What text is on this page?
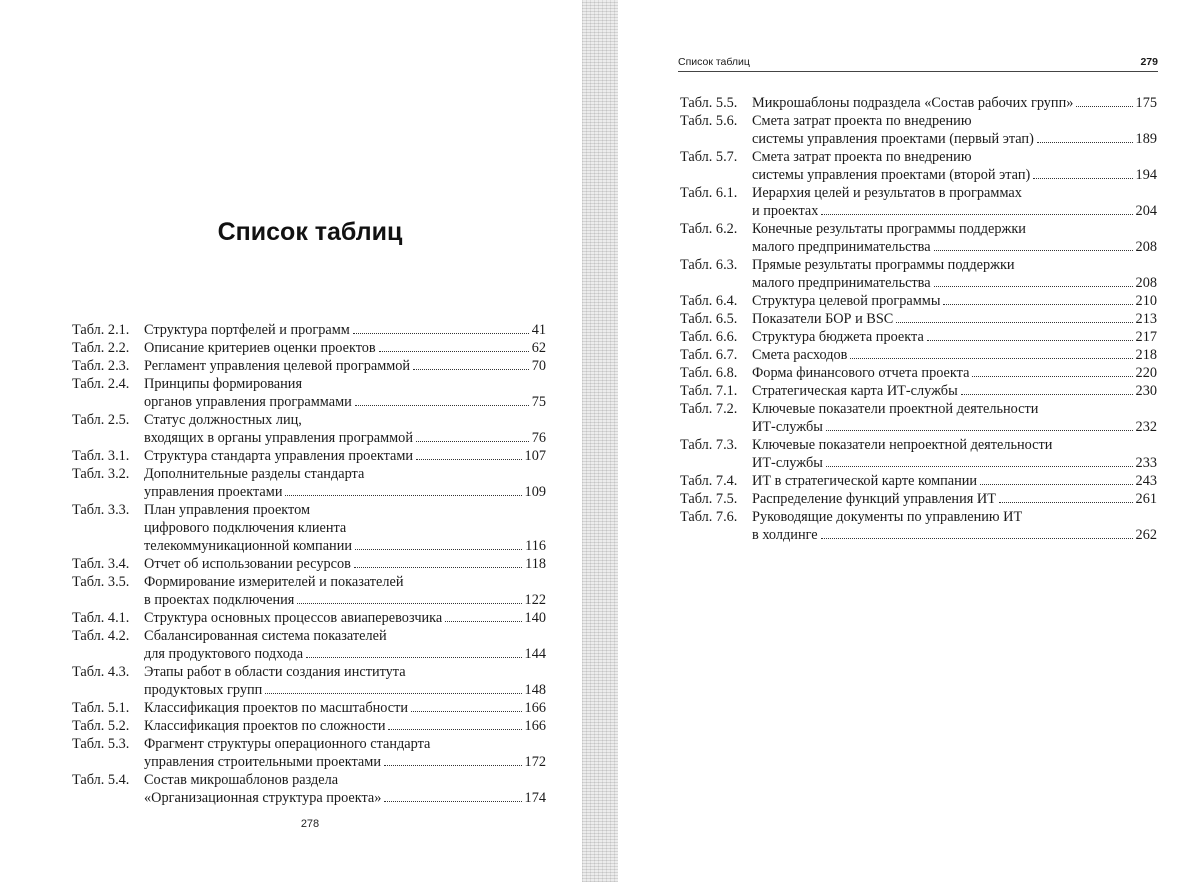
Список таблиц
Табл. 2.1.	Структура портфелей и программ	41
Табл. 2.2.	Описание критериев оценки проектов	62
Табл. 2.3.	Регламент управления целевой программой	70
Табл. 2.4.	Принципы формирования
органов управления программами	75
Табл. 2.5.	Статус должностных лиц,
входящих в органы управления программой	76
Табл. 3.1.	Структура стандарта управления проектами	107
Табл. 3.2.	Дополнительные разделы стандарта
управления проектами	109
Табл. 3.3.	План управления проектом
цифрового подключения клиента
телекоммуникационной компании	116
Табл. 3.4.	Отчет об использовании ресурсов	118
Табл. 3.5.	Формирование измерителей и показателей
в проектах подключения	122
Табл. 4.1.	Структура основных процессов авиаперевозчика	140
Табл. 4.2.	Сбалансированная система показателей
для продуктового подхода	144
Табл. 4.3.	Этапы работ в области создания института
продуктовых групп	148
Табл. 5.1.	Классификация проектов по масштабности	166
Табл. 5.2.	Классификация проектов по сложности	166
Табл. 5.3.	Фрагмент структуры операционного стандарта
управления строительными проектами	172
Табл. 5.4.	Состав микрошаблонов раздела
«Организационная структура проекта»	174
278
Список таблиц	279
Табл. 5.5.	Микрошаблоны подраздела «Состав рабочих групп»	175
Табл. 5.6.	Смета затрат проекта по внедрению
системы управления проектами (первый этап)	189
Табл. 5.7.	Смета затрат проекта по внедрению
системы управления проектами (второй этап)	194
Табл. 6.1.	Иерархия целей и результатов в программах
и проектах	204
Табл. 6.2.	Конечные результаты программы поддержки
малого предпринимательства	208
Табл. 6.3.	Прямые результаты программы поддержки
малого предпринимательства	208
Табл. 6.4.	Структура целевой программы	210
Табл. 6.5.	Показатели БОР и BSC	213
Табл. 6.6.	Структура бюджета проекта	217
Табл. 6.7.	Смета расходов	218
Табл. 6.8.	Форма финансового отчета проекта	220
Табл. 7.1.	Стратегическая карта ИТ-службы	230
Табл. 7.2.	Ключевые показатели проектной деятельности
ИТ-службы	232
Табл. 7.3.	Ключевые показатели непроектной деятельности
ИТ-службы	233
Табл. 7.4.	ИТ в стратегической карте компании	243
Табл. 7.5.	Распределение функций управления ИТ	261
Табл. 7.6.	Руководящие документы по управлению ИТ
в холдинге	262
